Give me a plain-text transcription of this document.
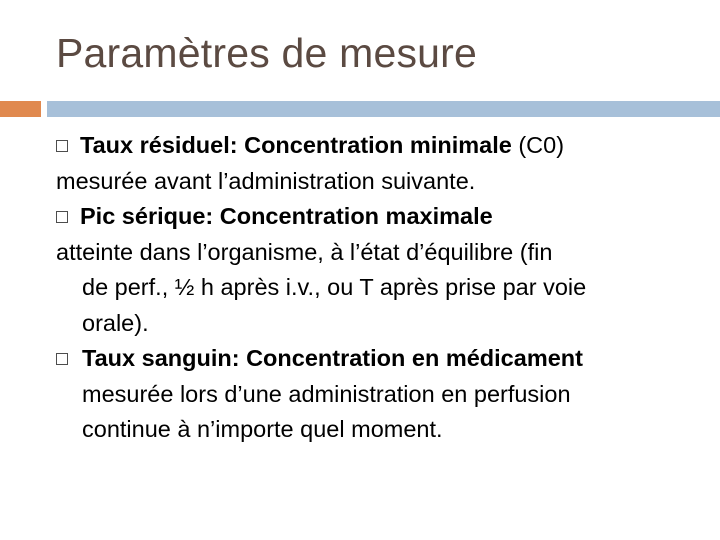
Paramètres de mesure

Taux résiduel: Concentration minimale (C0)
mesurée avant l’administration suivante.

Pic sérique: Concentration maximale
atteinte dans l’organisme, à l’état d’équilibre (fin

de perf., ½ h après i.v., ou T après prise par voie orale).

Taux sanguin: Concentration en médicament mesurée lors d’une administration en perfusion continue à n’importe quel moment.
